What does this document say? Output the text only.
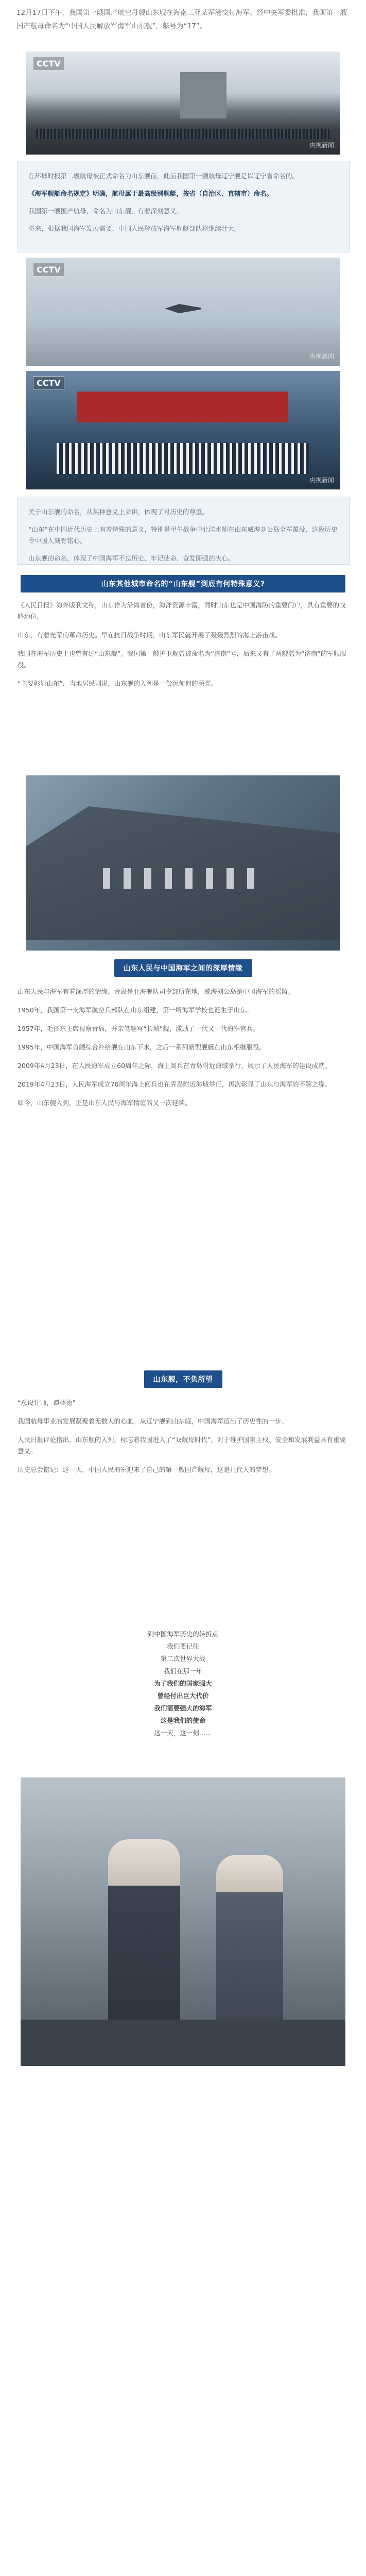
12月17日下午，我国第一艘国产航空母舰山东舰在海南三亚某军港交付海军。经中央军委批准，我国第一艘国产航母命名为“中国人民解放军海军山东舰”，舷号为“17”。
CCTV
央视新闻

在环球时报第二艘航母被正式命名为山东舰前，此前我国第一艘航母辽宁舰是以辽宁省命名的。

《海军舰艇命名规定》明确，航母属于最高级别舰艇，按省（自治区、直辖市）命名。

我国第一艘国产航母，命名为山东舰，有着深刻意义。

将来，根据我国海军发展需要，中国人民解放军海军舰艇部队将继续壮大。

CCTV
央视新闻
CCTV
央视新闻

关于山东舰的命名，从某种意义上来讲，体现了对历史的尊重。

“山东”在中国近代历史上有着特殊的意义，特别是甲午战争中北洋水师在山东威海刘公岛全军覆没，这段历史令中国人刻骨铭心。

山东舰的命名，体现了中国海军不忘历史、牢记使命、奋发图强的决心。

山东其他城市命名的“山东舰”到底有何特殊意义?

《人民日报》海外版刊文称，山东作为沿海省份，海洋资源丰富，同时山东也是中国海防的重要门户，具有重要的战略地位。

山东，有着光荣的革命历史。早在抗日战争时期，山东军民就开展了轰轰烈烈的海上游击战。

我国在海军历史上也曾有过“山东舰”。我国第一艘护卫舰曾被命名为“济南”号，后来又有了两艘名为“济南”的军舰服役。

“主要彰显山东”，当地居民则说，山东舰的入列是一份沉甸甸的荣誉。

山东人民与中国海军之间的深厚情缘

山东人民与海军有着深厚的情缘。青岛是北海舰队司令部所在地，威海刘公岛是中国海军的摇篮。

1950年，我国第一支海军航空兵部队在山东组建，第一所海军学校也诞生于山东。

1957年，毛泽东主席视察青岛，并亲笔题写“长城”舰，激励了一代又一代海军官兵。

1995年，中国海军首艘综合补给舰在山东下水，之后一系列新型舰艇在山东相继服役。

2009年4月23日，在人民海军成立60周年之际，海上阅兵在青岛附近海域举行，展示了人民海军的建设成就。

2019年4月23日，人民海军成立70周年海上阅兵也在青岛附近海域举行，再次彰显了山东与海军的不解之缘。

如今，山东舰入列，正是山东人民与海军情谊的又一次延续。

山东舰，不负所望

“总设计师，谭林德”

我国航母事业的发展凝聚着无数人的心血。从辽宁舰到山东舰，中国海军迈出了历史性的一步。

人民日报评论指出，山东舰的入列，标志着我国进入了“双航母时代”，对于维护国家主权、安全和发展利益具有重要意义。

历史总会铭记：这一天，中国人民海军迎来了自己的第一艘国产航母，这是几代人的梦想。

到中国海军历史的转折点
我们要记住
第二次世界大战
我们在那一年
为了我们的国家强大
曾经付出巨大代价
我们需要强大的海军
这是我们的使命
这一天，这一刻……
